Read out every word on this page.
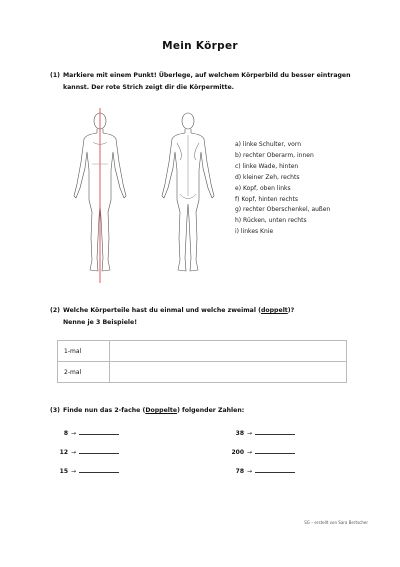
Mein Körper
(1) Markiere mit einem Punkt! Überlege, auf welchem Körperbild du besser eintragen
kannst. Der rote Strich zeigt dir die Körpermitte.
a) linke Schulter, vorn
b) rechter Oberarm, innen
c) linke Wade, hinten
d) kleiner Zeh, rechts
e) Kopf, oben links
f) Kopf, hinten rechts
g) rechter Oberschenkel, außen
h) Rücken, unten rechts
i) linkes Knie
(2) Welche Körperteile hast du einmal und welche zweimal (doppelt)?
Nenne je 3 Beispiele!
1-mal	
2-mal	
(3) Finde nun das 2-fache (Doppelte) folgender Zahlen:
8 →
12 →
15 →
38 →
200 →
78 →
SG – erstellt von Sara Bertscher
